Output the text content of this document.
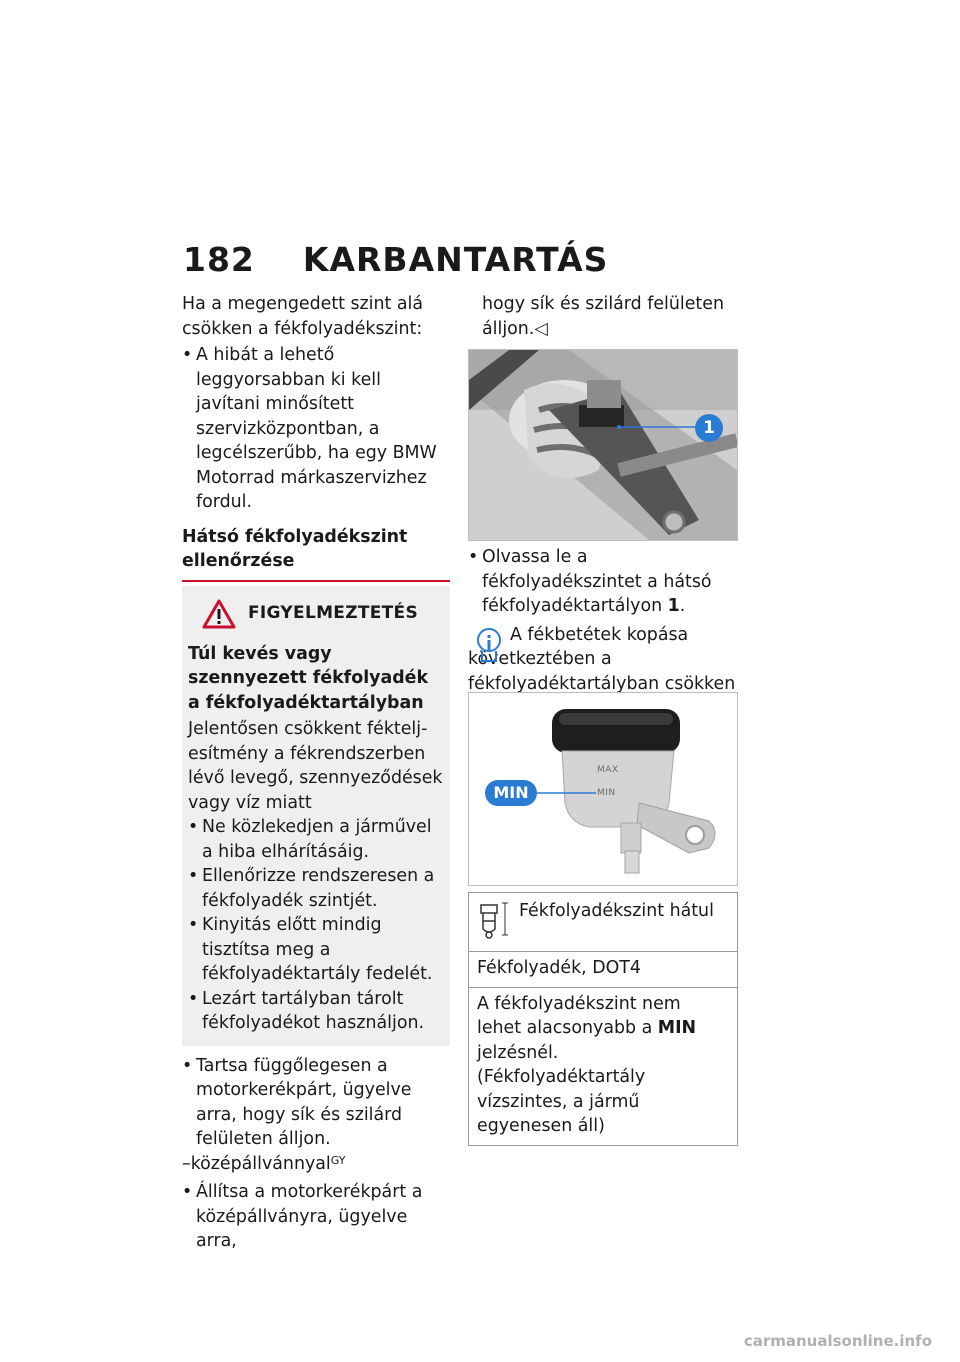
182 KARBANTARTÁS

Ha a megengedett szint alá csökken a fékfolyadékszint:

• A hibát a lehető leggyorsabban ki kell javítani minősített szervizközpontban, a legcélszerűbb, ha egy BMW Motorrad márkaszervizhez fordul.

Hátsó fékfolyadékszint ellenőrzése

FIGYELMEZTETÉS

Túl kevés vagy szennyezett fékfolyadék a fékfolyadéktartályban

Jelentősen csökkent fékteljesítmény a fékrendszerben lévő levegő, szennyeződések vagy víz miatt

• Ne közlekedjen a járművel a hiba elhárításáig.

• Ellenőrizze rendszeresen a fékfolyadék szintjét.

• Kinyitás előtt mindig tisztítsa meg a fékfolyadéktartály fedelét.

• Lezárt tartályban tárolt fékfolyadékot használjon.

• Tartsa függőlegesen a motorkerékpárt, ügyelve arra, hogy sík és szilárd felületen álljon.

–középállvánnyal$^{GY}$

• Állítsa a motorkerékpárt a középállványra, ügyelve arra,

hogy sík és szilárd felületen álljon.◁

1

• Olvassa le a fékfolyadékszintet a hátsó fékfolyadéktartályon 1.

A fékbetétek kopása következtében a fékfolyadéktartályban csökken

MAX
MIN
MIN
Fékfolyadékszint hátul
Fékfolyadék, DOT4
A fékfolyadékszint nem lehet alacsonyabb a MIN jelzésnél. (Fékfolyadéktartály vízszintes, a jármű egyenesen áll)
carmanualsonline.info
